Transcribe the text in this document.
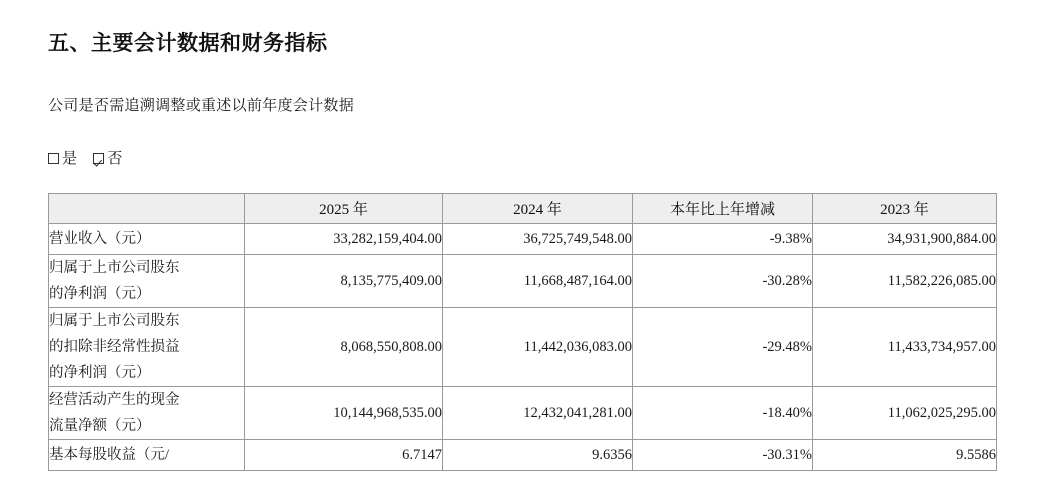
五、主要会计数据和财务指标

公司是否需追溯调整或重述以前年度会计数据

是 否
	2025 年	2024 年	本年比上年增减	2023 年
营业收入（元）	33,282,159,404.00	36,725,749,548.00	-9.38%	34,931,900,884.00
归属于上市公司股东
的净利润（元）	8,135,775,409.00	11,668,487,164.00	-30.28%	11,582,226,085.00
归属于上市公司股东
的扣除非经常性损益
的净利润（元）	8,068,550,808.00	11,442,036,083.00	-29.48%	11,433,734,957.00
经营活动产生的现金
流量净额（元）	10,144,968,535.00	12,432,041,281.00	-18.40%	11,062,025,295.00
基本每股收益（元/	6.7147	9.6356	-30.31%	9.5586
